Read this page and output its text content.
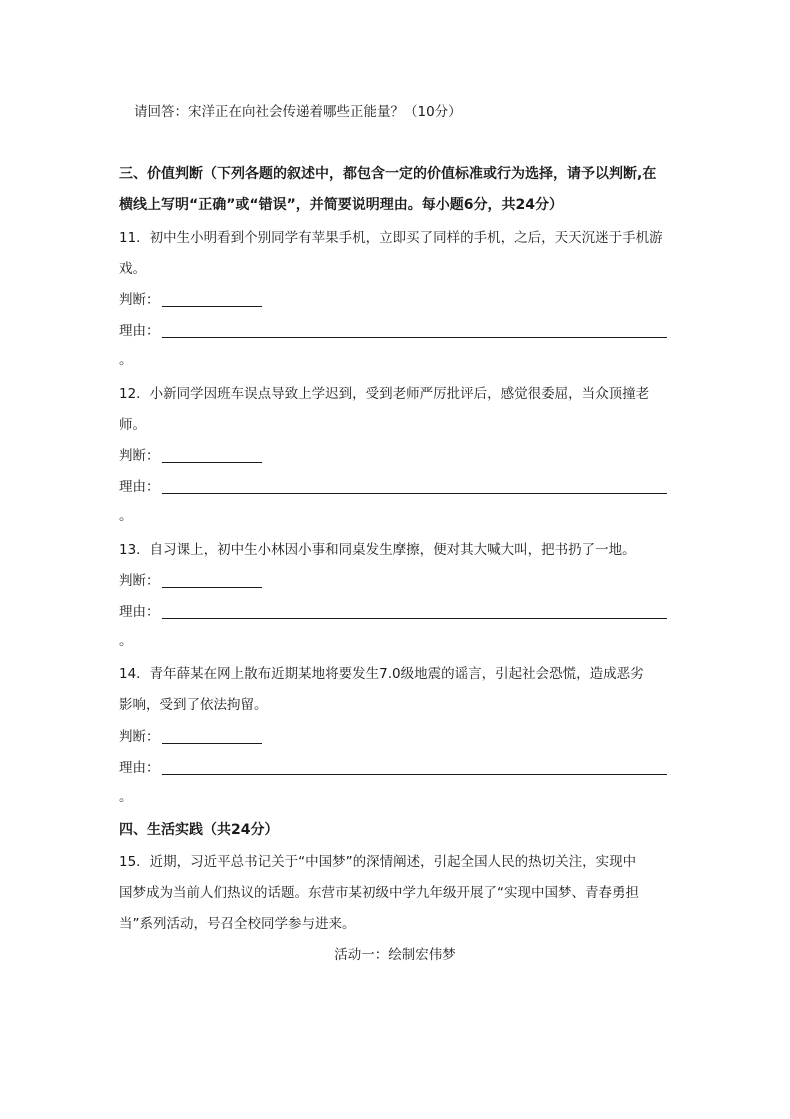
请回答：宋洋正在向社会传递着哪些正能量？（10分）
三、价值判断（下列各题的叙述中，都包含一定的价值标准或行为选择，请予以判断,在
横线上写明“正确”或“错误”，并简要说明理由。每小题6分，共24分）
11．初中生小明看到个别同学有苹果手机，立即买了同样的手机，之后，天天沉迷于手机游
戏。
判断：
理由：
。
12．小新同学因班车误点导致上学迟到，受到老师严厉批评后，感觉很委屈，当众顶撞老
师。
判断：
理由：
。
13．自习课上，初中生小林因小事和同桌发生摩擦，便对其大喊大叫，把书扔了一地。
判断：
理由：
。
14．青年薛某在网上散布近期某地将要发生7.0级地震的谣言，引起社会恐慌，造成恶劣
影响，受到了依法拘留。
判断：
理由：
。
四、生活实践（共24分）
15．近期，习近平总书记关于“中国梦”的深情阐述，引起全国人民的热切关注，实现中
国梦成为当前人们热议的话题。东营市某初级中学九年级开展了“实现中国梦、青春勇担
当”系列活动，号召全校同学参与进来。
活动一：绘制宏伟梦
